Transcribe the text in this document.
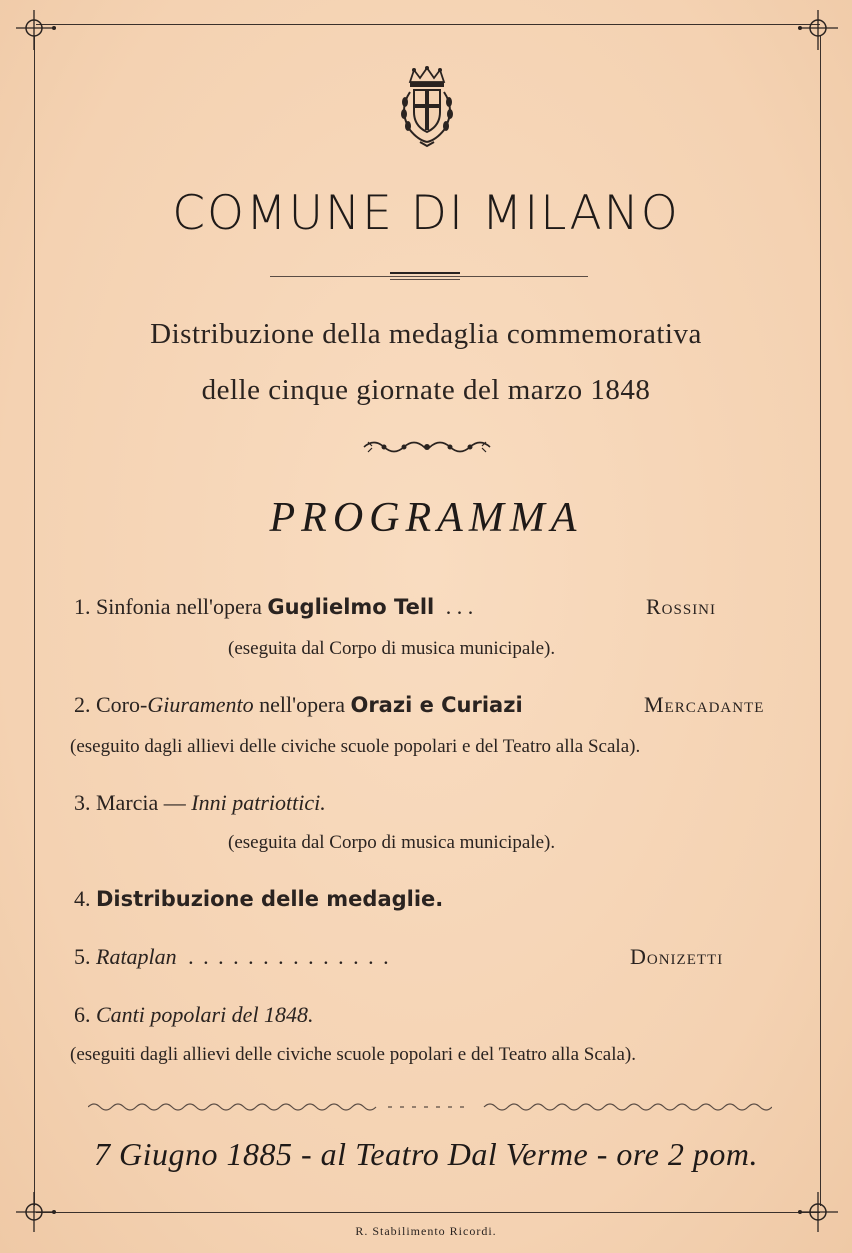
COMUNE DI MILANO
Distribuzione della medaglia commemorativa
delle cinque giornate del marzo 1848
PROGRAMMA
1. Sinfonia nell'opera Guglielmo Tell . . .	Rossini
(eseguita dal Corpo di musica municipale).
2. Coro-Giuramento nell'opera Orazi e Curiazi	Mercadante
(eseguito dagli allievi delle civiche scuole popolari e del Teatro alla Scala).
3. Marcia — Inni patriottici.
(eseguita dal Corpo di musica municipale).
4. Distribuzione delle medaglie.
5. Rataplan . . . . . . . . . . . . . .	Donizetti
6. Canti popolari del 1848.
(eseguiti dagli allievi delle civiche scuole popolari e del Teatro alla Scala).
7 Giugno 1885 - al Teatro Dal Verme - ore 2 pom.
R. Stabilimento Ricordi.
